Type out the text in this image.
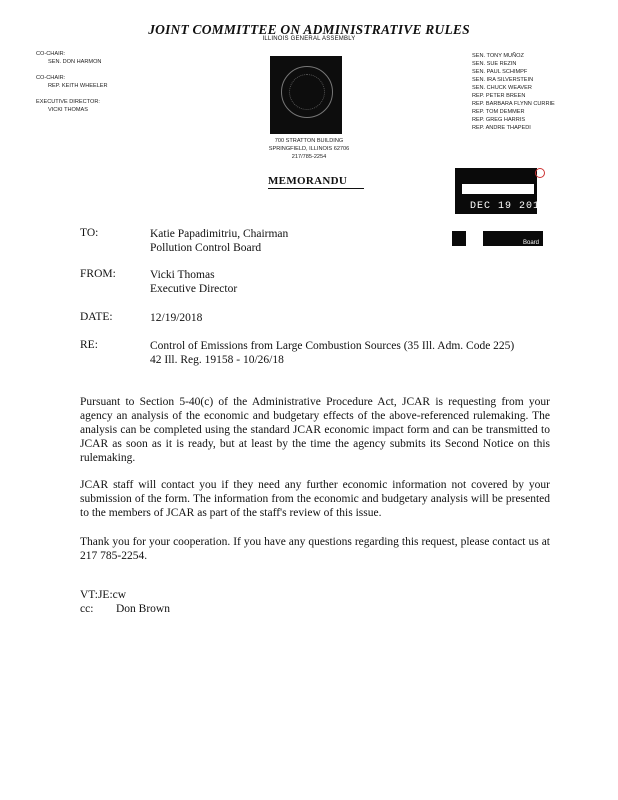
JOINT COMMITTEE ON ADMINISTRATIVE RULES
ILLINOIS GENERAL ASSEMBLY
CO-CHAIR:
SEN. DON HARMON
CO-CHAIR:
REP. KEITH WHEELER
EXECUTIVE DIRECTOR:
VICKI THOMAS
SEN. TONY MUÑOZ
SEN. SUE REZIN
SEN. PAUL SCHIMPF
SEN. IRA SILVERSTEIN
SEN. CHUCK WEAVER
REP. PETER BREEN
REP. BARBARA FLYNN CURRIE
REP. TOM DEMMER
REP. GREG HARRIS
REP. ANDRE THAPEDI
700 STRATTON BUILDING
SPRINGFIELD, ILLINOIS 62706
217/785-2254
MEMORANDU
DEC 19 2018
Board
TO:	Katie Papadimitriu, Chairman
Pollution Control Board
FROM:	Vicki Thomas
Executive Director
DATE:	12/19/2018
RE:	Control of Emissions from Large Combustion Sources (35 Ill. Adm. Code 225)
42 Ill. Reg. 19158 - 10/26/18
Pursuant to Section 5-40(c) of the Administrative Procedure Act, JCAR is requesting from your agency an analysis of the economic and budgetary effects of the above-referenced rulemaking. The analysis can be completed using the standard JCAR economic impact form and can be transmitted to JCAR as soon as it is ready, but at least by the time the agency submits its Second Notice on this rulemaking.
JCAR staff will contact you if they need any further economic information not covered by your submission of the form. The information from the economic and budgetary analysis will be presented to the members of JCAR as part of the staff's review of this issue.
Thank you for your cooperation. If you have any questions regarding this request, please contact us at 217 785-2254.
VT:JE:cw
cc: Don Brown
